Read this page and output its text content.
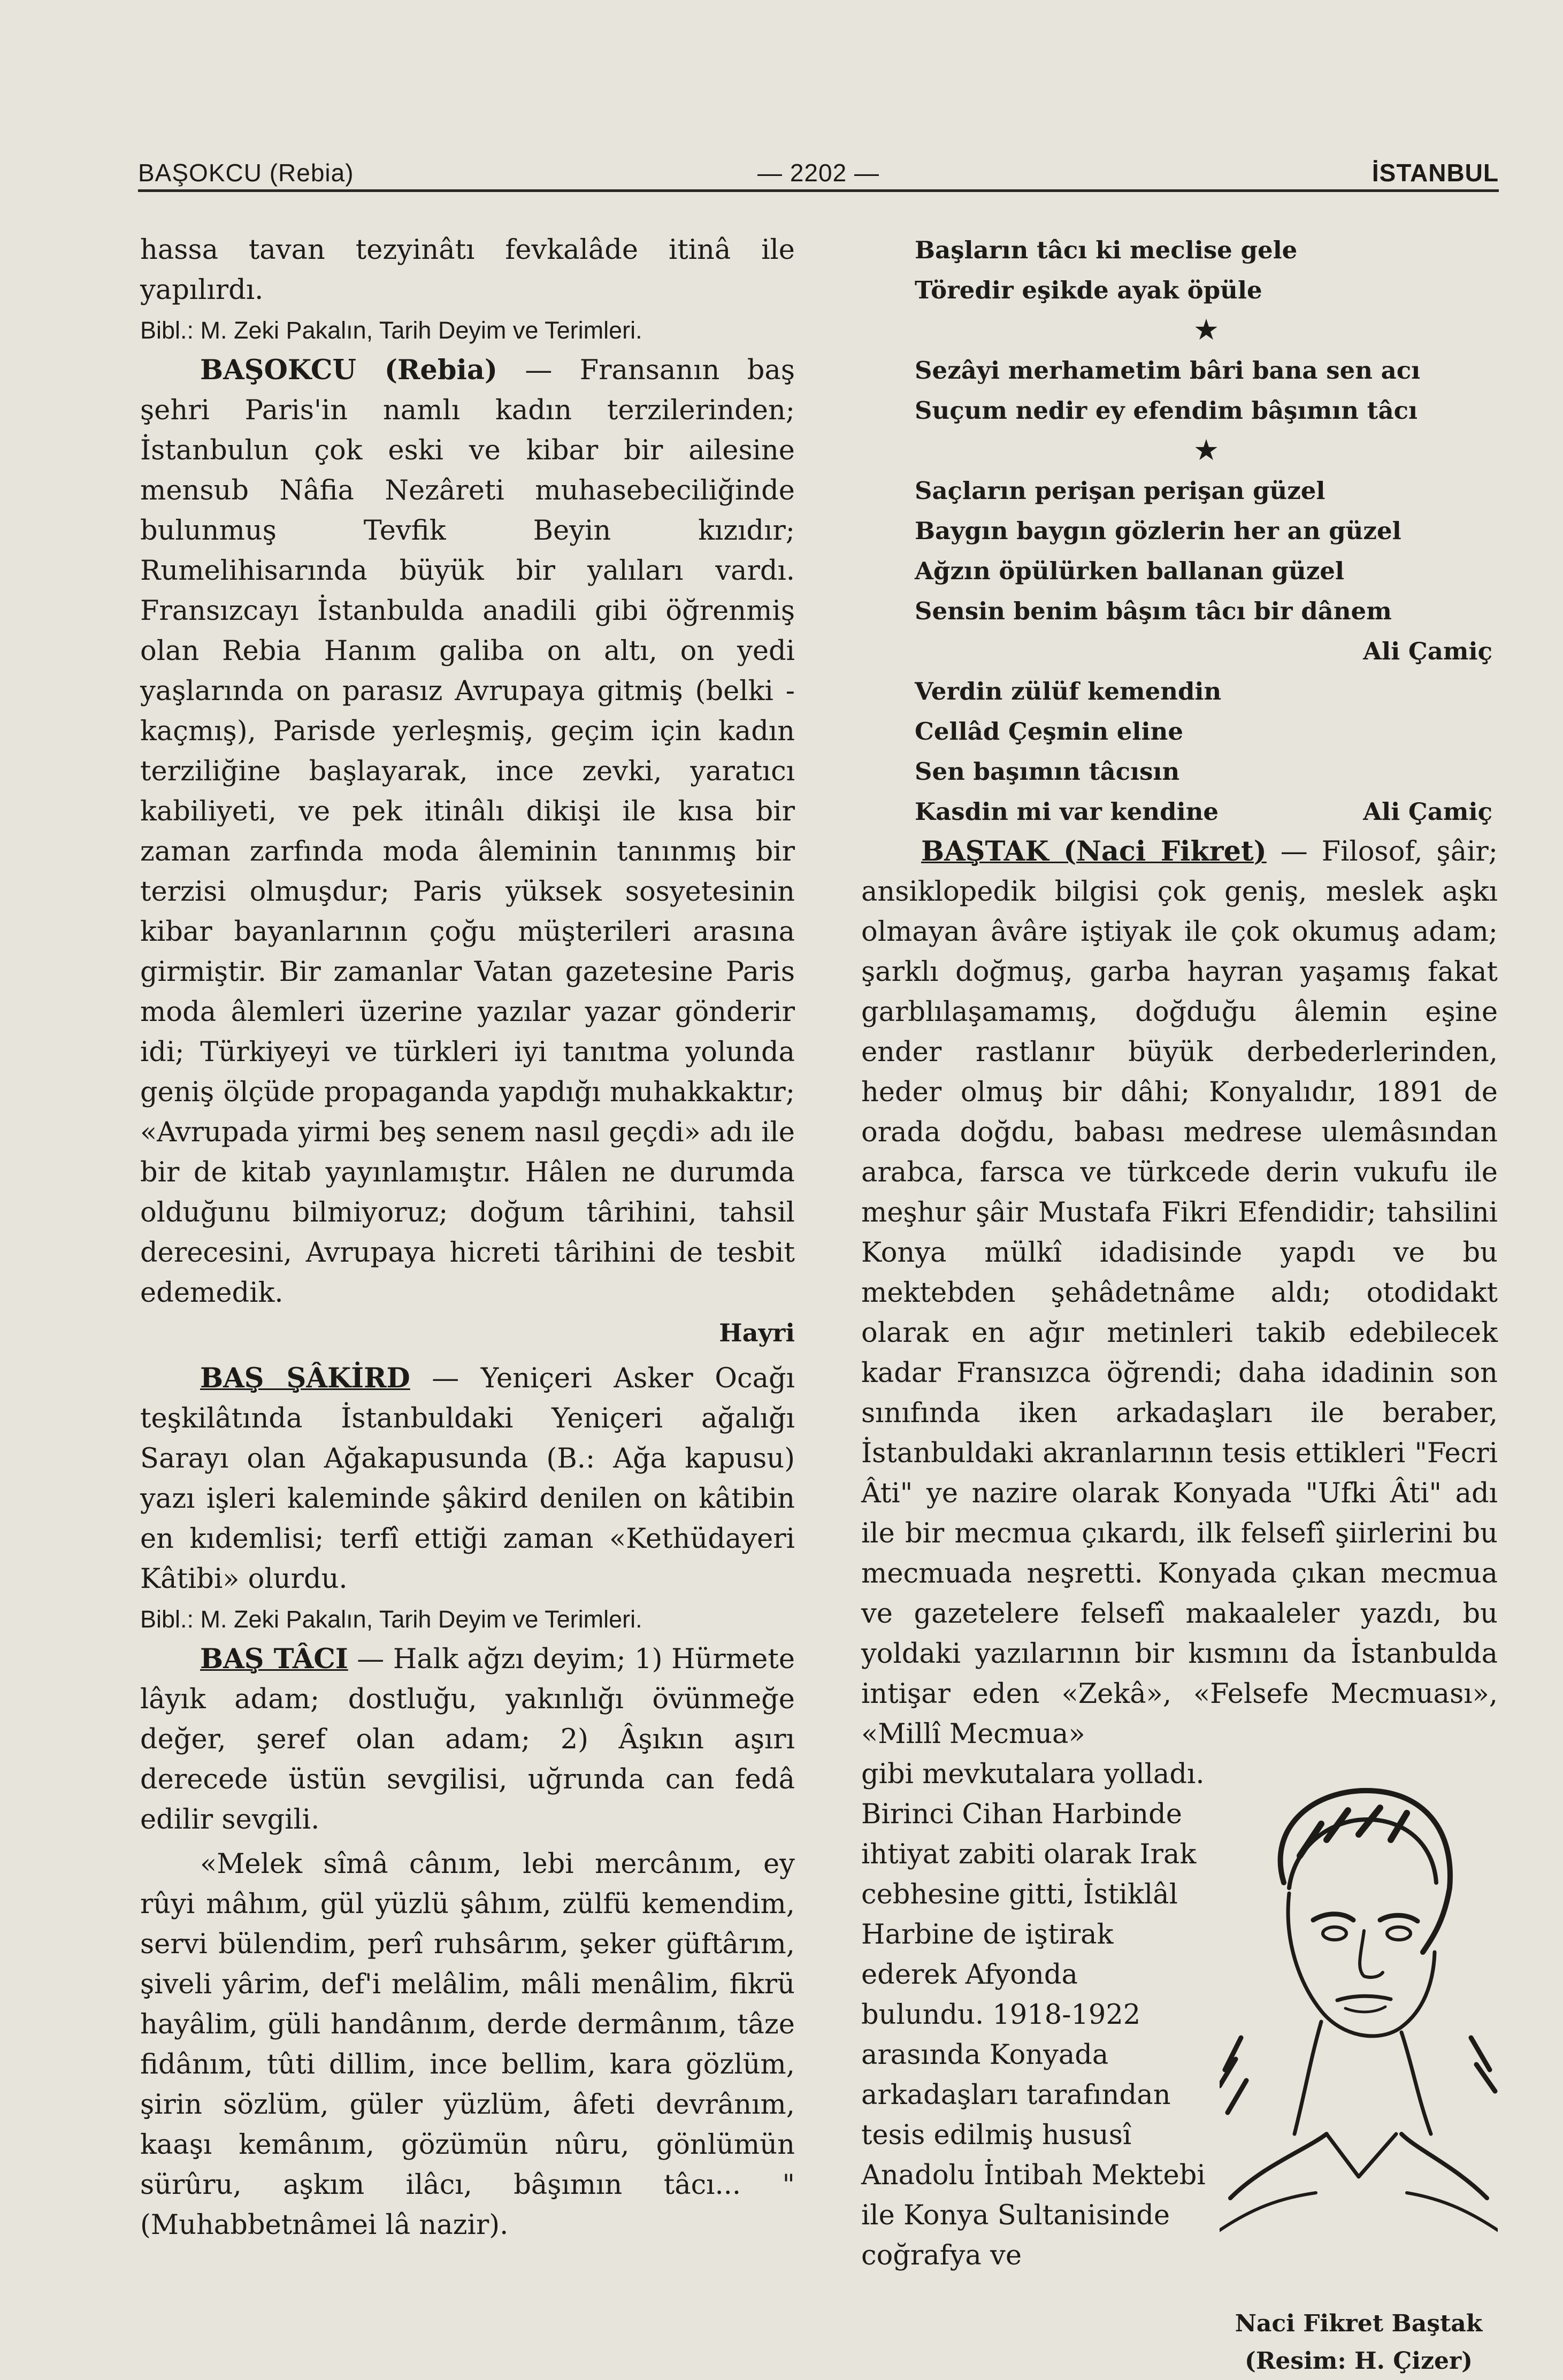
BAŞOKCU (Rebia)	— 2202 —	İSTANBUL

hassa tavan tezyinâtı fevkalâde itinâ ile yapılırdı.

Bibl.: M. Zeki Pakalın, Tarih Deyim ve Terimleri.

BAŞOKCU (Rebia) — Fransanın baş şehri Paris'in namlı kadın terzilerinden; İstanbulun çok eski ve kibar bir ailesine mensub Nâfia Nezâreti muhasebeciliğinde bulunmuş Tevfik Beyin kızıdır; Rumelihisarında büyük bir yalıları vardı. Fransızcayı İstanbulda anadili gibi öğrenmiş olan Rebia Hanım galiba on altı, on yedi yaşlarında on parasız Avrupaya gitmiş (belki - kaçmış), Parisde yerleşmiş, geçim için kadın terziliğine başlayarak, ince zevki, yaratıcı kabiliyeti, ve pek itinâlı dikişi ile kısa bir zaman zarfında moda âleminin tanınmış bir terzisi olmuşdur; Paris yüksek sosyetesinin kibar bayanlarının çoğu müşterileri arasına girmiştir. Bir zamanlar Vatan gazetesine Paris moda âlemleri üzerine yazılar yazar gönderir idi; Türkiyeyi ve türkleri iyi tanıtma yolunda geniş ölçüde propaganda yapdığı muhakkaktır; «Avrupada yirmi beş senem nasıl geçdi» adı ile bir de kitab yayınlamıştır. Hâlen ne durumda olduğunu bilmiyoruz; doğum târihini, tahsil derecesini, Avrupaya hicreti târihini de tesbit edemedik.

Hayri

BAŞ ŞÂKİRD — Yeniçeri Asker Ocağı teşkilâtında İstanbuldaki Yeniçeri ağalığı Sarayı olan Ağakapusunda (B.: Ağa kapusu) yazı işleri kaleminde şâkird denilen on kâtibin en kıdemlisi; terfî ettiği zaman «Kethüdayeri Kâtibi» olurdu.

Bibl.: M. Zeki Pakalın, Tarih Deyim ve Terimleri.

BAŞ TÂCI — Halk ağzı deyim; 1) Hürmete lâyık adam; dostluğu, yakınlığı övünmeğe değer, şeref olan adam; 2) Âşıkın aşırı derecede üstün sevgilisi, uğrunda can fedâ edilir sevgili.

«Melek sîmâ cânım, lebi mercânım, ey rûyi mâhım, gül yüzlü şâhım, zülfü kemendim, servi bülendim, perî ruhsârım, şeker güftârım, şiveli yârim, def'i melâlim, mâli menâlim, fikrü hayâlim, güli handânım, derde dermânım, tâze fidânım, tûti dillim, ince bellim, kara gözlüm, şirin sözlüm, güler yüzlüm, âfeti devrânım, kaaşı kemânım, gözümün nûru, gönlümün sürûru, aşkım ilâcı, bâşımın tâcı... "(Muhabbetnâmei lâ nazir).

Başların tâcı ki meclise gele
Töredir eşikde ayak öpüle
★
Sezâyi merhametim bâri bana sen acı
Suçum nedir ey efendim bâşımın tâcı
★
Saçların perişan perişan güzel
Baygın baygın gözlerin her an güzel
Ağzın öpülürken ballanan güzel
Sensin benim bâşım tâcı bir dânem
Ali Çamiç
Verdin zülüf kemendin
Cellâd Çeşmin eline
Sen başımın tâcısın
Kasdin mi var kendine	Ali Çamiç

BAŞTAK (Naci Fikret) — Filosof, şâir; ansiklopedik bilgisi çok geniş, meslek aşkı olmayan âvâre iştiyak ile çok okumuş adam; şarklı doğmuş, garba hayran yaşamış fakat garblılaşamamış, doğduğu âlemin eşine ender rastlanır büyük derbederlerinden, heder olmuş bir dâhi; Konyalıdır, 1891 de orada doğdu, babası medrese ulemâsından arabca, farsca ve türkcede derin vukufu ile meşhur şâir Mustafa Fikri Efendidir; tahsilini Konya mülkî idadisinde yapdı ve bu mektebden şehâdetnâme aldı; otodidakt olarak en ağır metinleri takib edebilecek kadar Fransızca öğrendi; daha idadinin son sınıfında iken arkadaşları ile beraber, İstanbuldaki akranlarının tesis ettikleri "Fecri Âti" ye nazire olarak Konyada "Ufki Âti" adı ile bir mecmua çıkardı, ilk felsefî şiirlerini bu mecmuada neşretti. Konyada çıkan mecmua ve gazetelere felsefî makaaleler yazdı, bu yoldaki yazılarının bir kısmını da İstanbulda intişar eden «Zekâ», «Felsefe Mecmuası», «Millî Mecmua»

Naci Fikret Baştak
(Resim: H. Çizer)

gibi mevkutalara yolladı. Birinci Cihan Harbinde ihtiyat zabiti olarak Irak cebhesine gitti, İstiklâl Harbine de iştirak ederek Afyonda bulundu. 1918-1922 arasında Konyada arkadaşları tarafından tesis edilmiş hususî Anadolu İntibah Mektebi ile Konya Sultanisinde coğrafya ve
